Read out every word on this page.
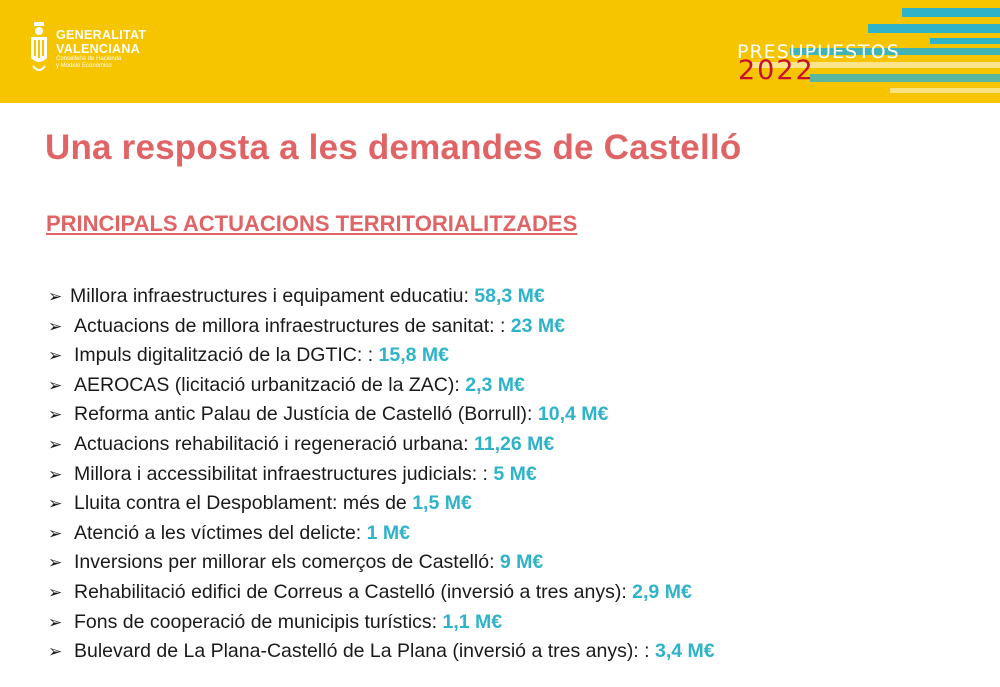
GENERALITAT
VALENCIANA
Conselleria de Hacienda
y Modelo Económico
PRESUPUESTOS
2022
Una resposta a les demandes de Castelló
PRINCIPALS ACTUACIONS TERRITORIALITZADES
➢ Millora infraestructures i equipament educatiu: 58,3 M€
➢ Actuacions de millora infraestructures de sanitat: : 23 M€
➢ Impuls digitalització de la DGTIC: : 15,8 M€
➢ AEROCAS (licitació urbanització de la ZAC): 2,3 M€
➢ Reforma antic Palau de Justícia de Castelló (Borrull): 10,4 M€
➢ Actuacions rehabilitació i regeneració urbana: 11,26 M€
➢ Millora i accessibilitat infraestructures judicials: : 5 M€
➢ Lluita contra el Despoblament: més de 1,5 M€
➢ Atenció a les víctimes del delicte: 1 M€
➢ Inversions per millorar els comerços de Castelló: 9 M€
➢ Rehabilitació edifici de Correus a Castelló (inversió a tres anys): 2,9 M€
➢ Fons de cooperació de municipis turístics: 1,1 M€
➢ Bulevard de La Plana-Castelló de La Plana (inversió a tres anys): : 3,4 M€
